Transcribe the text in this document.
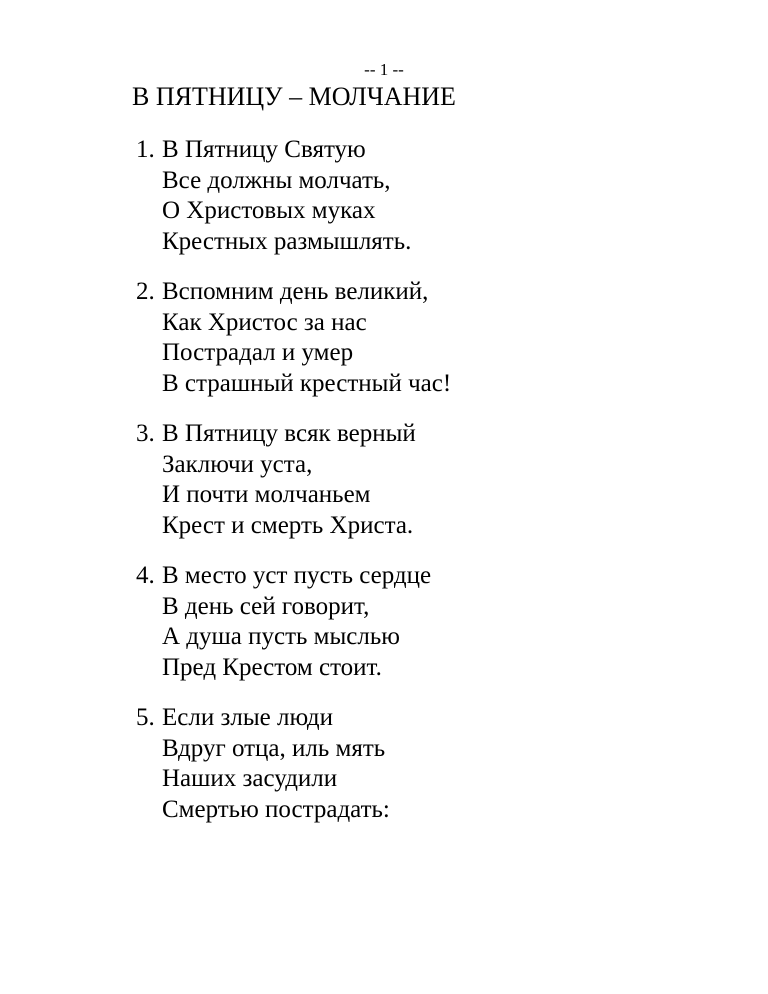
-- 1 --
В ПЯТНИЦУ – МОЛЧАНИЕ
1. В Пятницу Святую
Все должны молчать,
О Христовых муках
Крестных размышлять.
2. Вспомним день великий,
Как Христос за нас
Пострадал и умер
В страшный крестный час!
3. В Пятницу всяк верный
Заключи уста,
И почти молчаньем
Крест и смерть Христа.
4. В место уст пусть сердце
В день сей говорит,
А душа пусть мыслью
Пред Крестом стоит.
5. Если злые люди
Вдруг отца, иль мять
Наших засудили
Смертью пострадать:
